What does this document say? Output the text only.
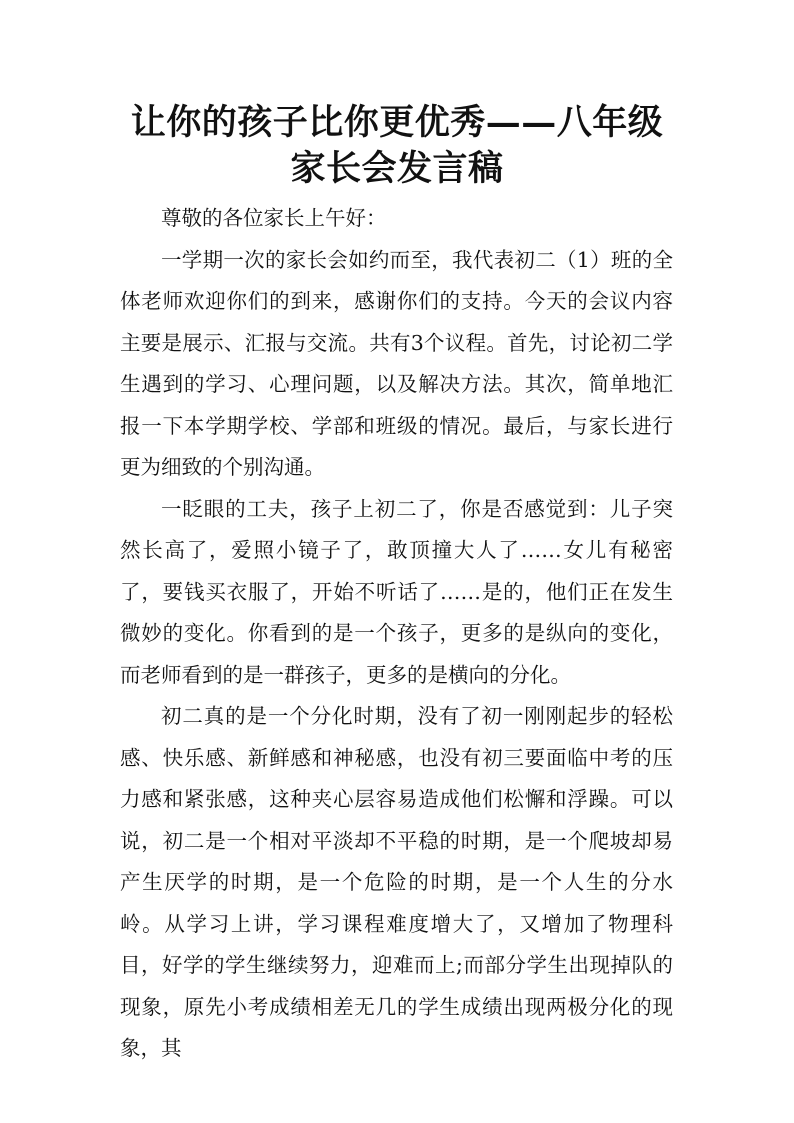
让你的孩子比你更优秀——八年级家长会发言稿

尊敬的各位家长上午好：

一学期一次的家长会如约而至，我代表初二（1）班的全体老师欢迎你们的到来，感谢你们的支持。今天的会议内容主要是展示、汇报与交流。共有3个议程。首先，讨论初二学生遇到的学习、心理问题，以及解决方法。其次，简单地汇报一下本学期学校、学部和班级的情况。最后，与家长进行更为细致的个别沟通。

一眨眼的工夫，孩子上初二了，你是否感觉到：儿子突然长高了，爱照小镜子了，敢顶撞大人了……女儿有秘密了，要钱买衣服了，开始不听话了……是的，他们正在发生微妙的变化。你看到的是一个孩子，更多的是纵向的变化，而老师看到的是一群孩子，更多的是横向的分化。

初二真的是一个分化时期，没有了初一刚刚起步的轻松感、快乐感、新鲜感和神秘感，也没有初三要面临中考的压力感和紧张感，这种夹心层容易造成他们松懈和浮躁。可以说，初二是一个相对平淡却不平稳的时期，是一个爬坡却易产生厌学的时期，是一个危险的时期，是一个人生的分水岭。从学习上讲，学习课程难度增大了，又增加了物理科目，好学的学生继续努力，迎难而上;而部分学生出现掉队的现象，原先小考成绩相差无几的学生成绩出现两极分化的现象，其
